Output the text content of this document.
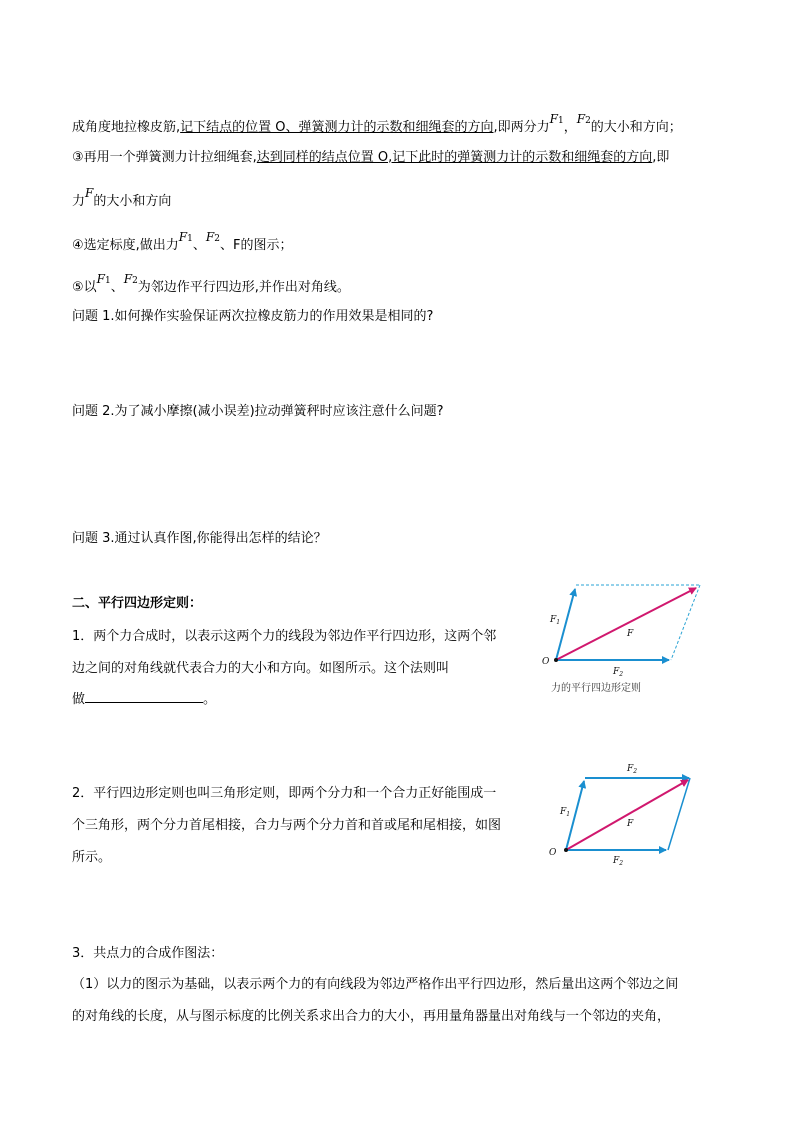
成角度地拉橡皮筋,记下结点的位置 O、弹簧测力计的示数和细绳套的方向,即两分力F1，F2的大小和方向；
③再用一个弹簧测力计拉细绳套,达到同样的结点位置 O,记下此时的弹簧测力计的示数和细绳套的方向,即
力F的大小和方向
④选定标度,做出力F1、F2、F的图示；
⑤以F1、F2为邻边作平行四边形,并作出对角线。
问题 1.如何操作实验保证两次拉橡皮筋力的作用效果是相同的?
问题 2.为了减小摩擦(减小误差)拉动弹簧秤时应该注意什么问题?
问题 3.通过认真作图,你能得出怎样的结论？
二、平行四边形定则：
1．两个力合成时，以表示这两个力的线段为邻边作平行四边形，这两个邻
边之间的对角线就代表合力的大小和方向。如图所示。这个法则叫
做	。
2．平行四边形定则也叫三角形定则，即两个分力和一个合力正好能围成一
个三角形，两个分力首尾相接，合力与两个分力首和首或尾和尾相接，如图
所示。
3．共点力的合成作图法：
（1）以力的图示为基础，以表示两个力的有向线段为邻边严格作出平行四边形，然后量出这两个邻边之间
的对角线的长度，从与图示标度的比例关系求出合力的大小，再用量角器量出对角线与一个邻边的夹角，
O
$F_1$
F
$F_2$
力的平行四边形定则
O
$F_1$
$F_2$
F
$F_2$
